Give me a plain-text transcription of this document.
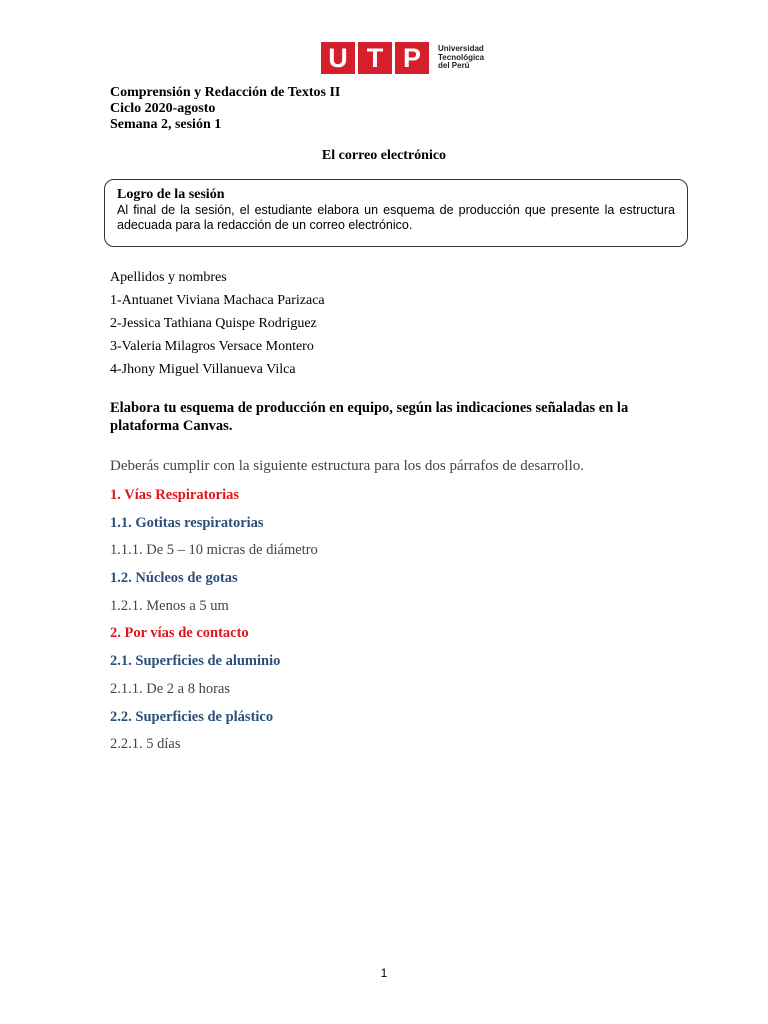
U T P	Universidad
Tecnológica
del Perú
Comprensión y Redacción de Textos II
Ciclo 2020-agosto
Semana 2, sesión 1
El correo electrónico
Logro de la sesión
Al final de la sesión, el estudiante elabora un esquema de producción que presente la estructura adecuada para la redacción de un correo electrónico.
Apellidos y nombres
1-Antuanet Viviana Machaca Parizaca
2-Jessica Tathiana Quispe Rodriguez
3-Valeria Milagros Versace Montero
4-Jhony Miguel Villanueva Vilca
Elabora tu esquema de producción en equipo, según las indicaciones señaladas en la plataforma Canvas.
Deberás cumplir con la siguiente estructura para los dos párrafos de desarrollo.
1. Vías Respiratorias
1.1. Gotitas respiratorias
1.1.1. De 5 – 10 micras de diámetro
1.2. Núcleos de gotas
1.2.1. Menos a 5 um
2. Por vías de contacto
2.1. Superficies de aluminio
2.1.1. De 2 a 8 horas
2.2. Superficies de plástico
2.2.1. 5 días
1
